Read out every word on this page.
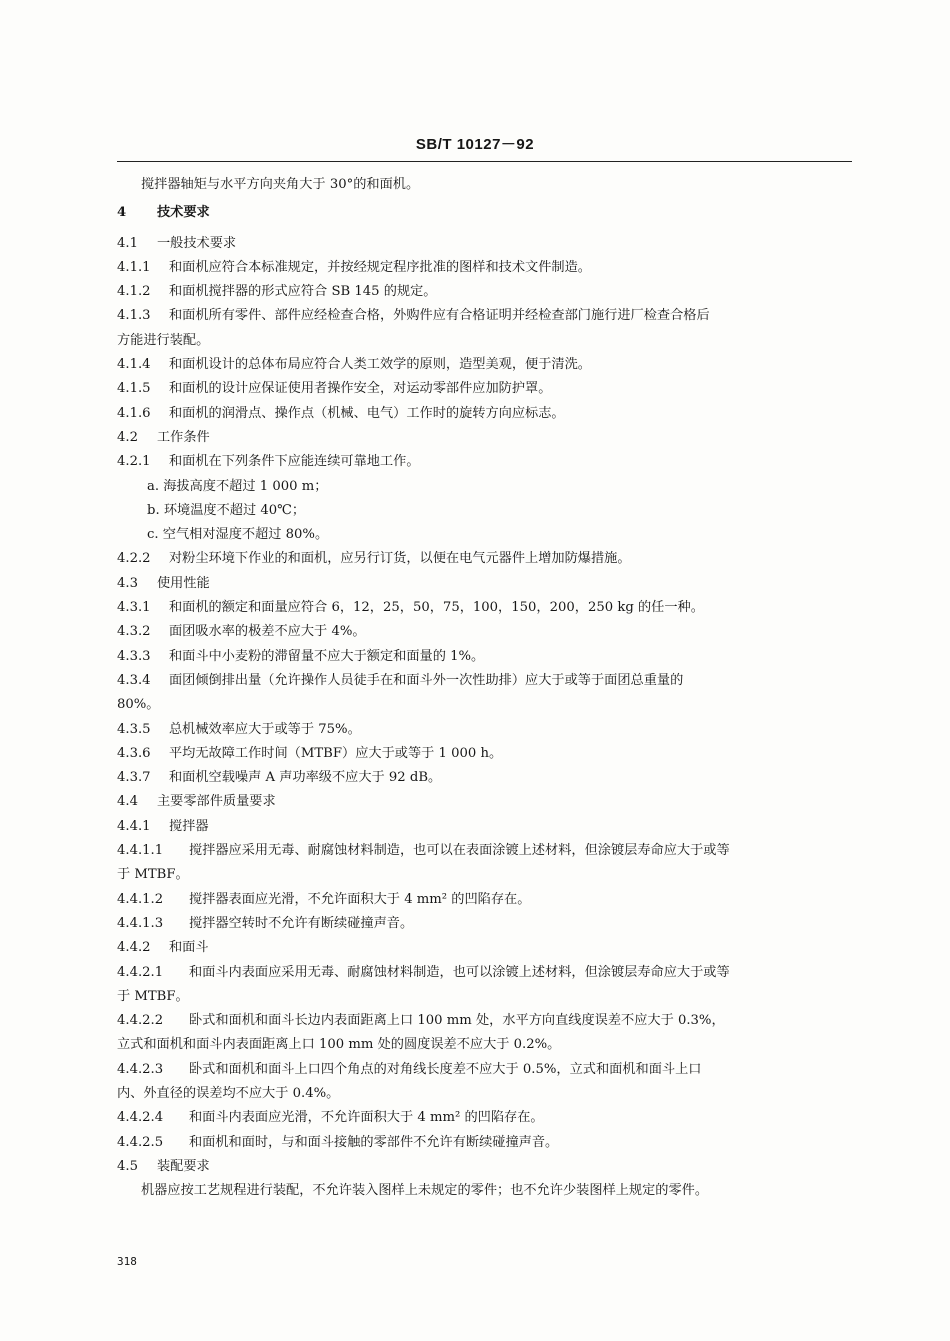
SB/T 10127－92
搅拌器轴矩与水平方向夹角大于 30°的和面机。
4 技术要求
4.1 一般技术要求
4.1.1 和面机应符合本标准规定，并按经规定程序批准的图样和技术文件制造。
4.1.2 和面机搅拌器的形式应符合 SB 145 的规定。
4.1.3 和面机所有零件、部件应经检查合格，外购件应有合格证明并经检查部门施行进厂检查合格后
方能进行装配。
4.1.4 和面机设计的总体布局应符合人类工效学的原则，造型美观，便于清洗。
4.1.5 和面机的设计应保证使用者操作安全，对运动零部件应加防护罩。
4.1.6 和面机的润滑点、操作点（机械、电气）工作时的旋转方向应标志。
4.2 工作条件
4.2.1 和面机在下列条件下应能连续可靠地工作。
a. 海拔高度不超过 1 000 m；
b. 环境温度不超过 40℃；
c. 空气相对湿度不超过 80%。
4.2.2 对粉尘环境下作业的和面机，应另行订货，以便在电气元器件上增加防爆措施。
4.3 使用性能
4.3.1 和面机的额定和面量应符合 6，12，25，50，75，100，150，200，250 kg 的任一种。
4.3.2 面团吸水率的极差不应大于 4%。
4.3.3 和面斗中小麦粉的滞留量不应大于额定和面量的 1%。
4.3.4 面团倾倒排出量（允许操作人员徒手在和面斗外一次性助排）应大于或等于面团总重量的
80%。
4.3.5 总机械效率应大于或等于 75%。
4.3.6 平均无故障工作时间（MTBF）应大于或等于 1 000 h。
4.3.7 和面机空载噪声 A 声功率级不应大于 92 dB。
4.4 主要零部件质量要求
4.4.1 搅拌器
4.4.1.1 搅拌器应采用无毒、耐腐蚀材料制造，也可以在表面涂镀上述材料，但涂镀层寿命应大于或等
于 MTBF。
4.4.1.2 搅拌器表面应光滑，不允许面积大于 4 mm² 的凹陷存在。
4.4.1.3 搅拌器空转时不允许有断续碰撞声音。
4.4.2 和面斗
4.4.2.1 和面斗内表面应采用无毒、耐腐蚀材料制造，也可以涂镀上述材料，但涂镀层寿命应大于或等
于 MTBF。
4.4.2.2 卧式和面机和面斗长边内表面距离上口 100 mm 处，水平方向直线度误差不应大于 0.3%，
立式和面机和面斗内表面距离上口 100 mm 处的圆度误差不应大于 0.2%。
4.4.2.3 卧式和面机和面斗上口四个角点的对角线长度差不应大于 0.5%，立式和面机和面斗上口
内、外直径的误差均不应大于 0.4%。
4.4.2.4 和面斗内表面应光滑，不允许面积大于 4 mm² 的凹陷存在。
4.4.2.5 和面机和面时，与和面斗接触的零部件不允许有断续碰撞声音。
4.5 装配要求
机器应按工艺规程进行装配，不允许装入图样上未规定的零件；也不允许少装图样上规定的零件。
318
